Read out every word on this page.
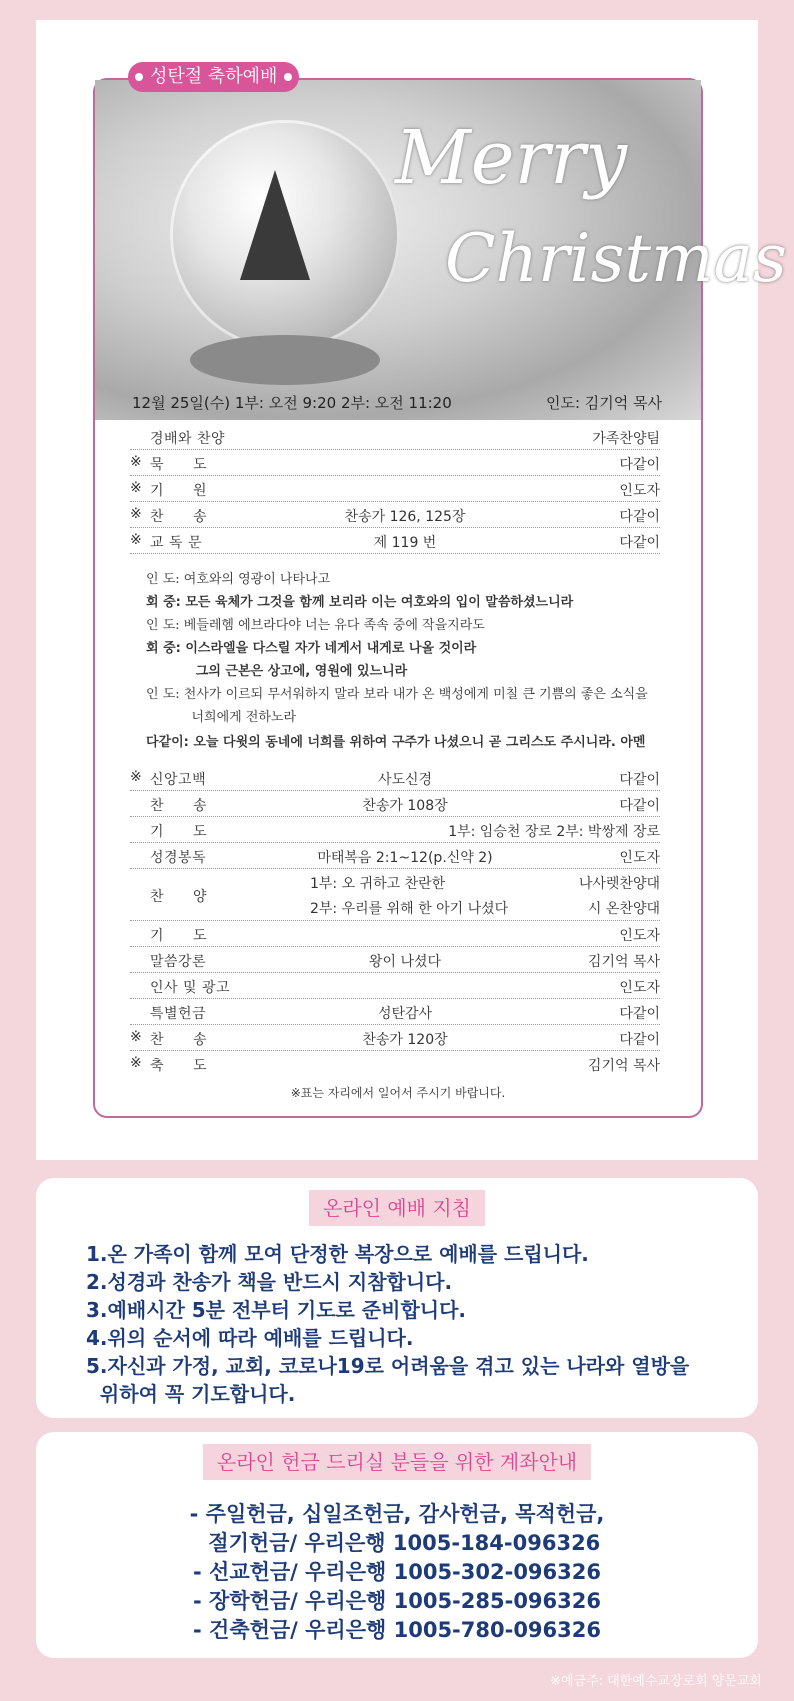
Merry
Christmas
※표는 자리에서 일어서 주시기 바랍니다.
성탄절 축하예배
12월 25일(수) 1부: 오전 9:20 2부: 오전 11:20	인도: 김기억 목사
경배와 찬양	가족찬양팀
※ 묵　　도	다같이
※ 기　　원	인도자
※ 찬　　송	찬송가 126, 125장	다같이
※ 교 독 문	제 119 번	다같이
인 도: 여호와의 영광이 나타나고
회 중: 모든 육체가 그것을 함께 보리라 이는 여호와의 입이 말씀하셨느니라
인 도: 베들레헴 에브라다야 너는 유다 족속 중에 작을지라도
회 중: 이스라엘을 다스릴 자가 네게서 내게로 나올 것이라
그의 근본은 상고에, 영원에 있느니라
인 도: 천사가 이르되 무서워하지 말라 보라 내가 온 백성에게 미칠 큰 기쁨의 좋은 소식을
너희에게 전하노라
다같이: 오늘 다윗의 동네에 너희를 위하여 구주가 나셨으니 곧 그리스도 주시니라. 아멘
※ 신앙고백	사도신경	다같이
찬　　송	찬송가 108장	다같이
기　　도	1부: 임승천 장로 2부: 박쌍제 장로
성경봉독	마태복음 2:1~12(p.신약 2)	인도자
찬　　양
1부: 오 귀하고 찬란한	나사렛찬양대
2부: 우리를 위해 한 아기 나셨다	시 온찬양대
기　　도	인도자
말씀강론	왕이 나셨다	김기억 목사
인사 및 광고	인도자
특별헌금	성탄감사	다같이
※ 찬　　송	찬송가 120장	다같이
※ 축　　도	김기억 목사
온라인 예배 지침
1.온 가족이 함께 모여 단정한 복장으로 예배를 드립니다.
2.성경과 찬송가 책을 반드시 지참합니다.
3.예배시간 5분 전부터 기도로 준비합니다.
4.위의 순서에 따라 예배를 드립니다.
5.자신과 가정, 교회, 코로나19로 어려움을 겪고 있는 나라와 열방을
위하여 꼭 기도합니다.
온라인 헌금 드리실 분들을 위한 계좌안내
- 주일헌금, 십일조헌금, 감사헌금, 목적헌금,
절기헌금/ 우리은행 1005-184-096326
- 선교헌금/ 우리은행 1005-302-096326
- 장학헌금/ 우리은행 1005-285-096326
- 건축헌금/ 우리은행 1005-780-096326
※예금주: 대한예수교장로회 양문교회
